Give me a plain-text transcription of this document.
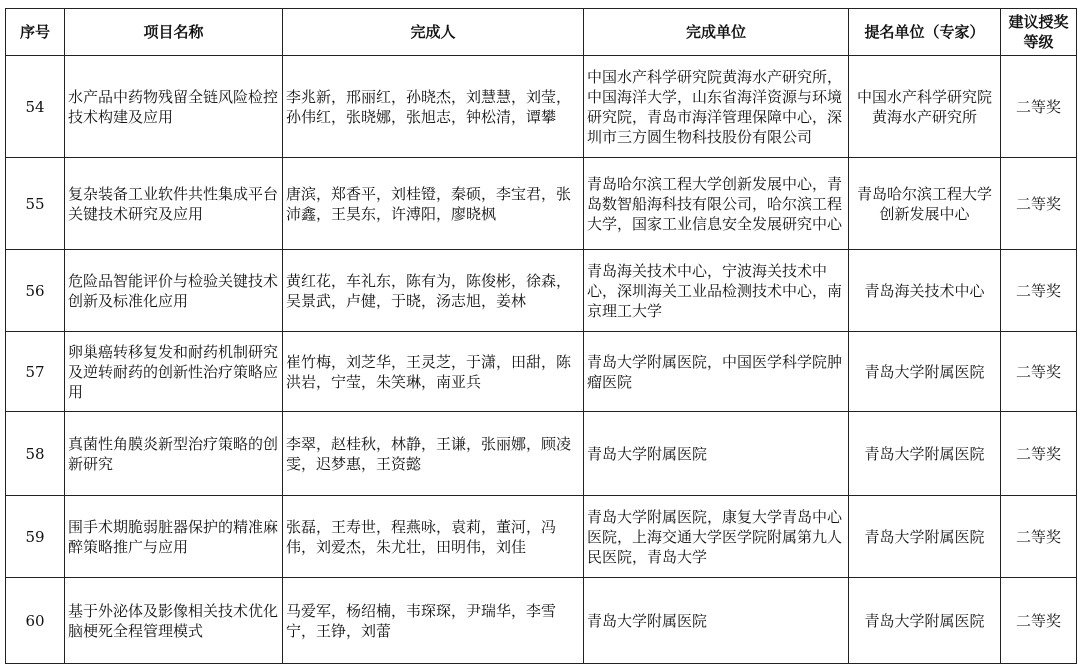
序号	项目名称	完成人	完成单位	提名单位（专家）	建议授奖等级
54	水产品中药物残留全链风险检控技术构建及应用	李兆新，邢丽红，孙晓杰，刘慧慧，刘莹，孙伟红，张晓娜，张旭志，钟松清，谭攀	中国水产科学研究院黄海水产研究所，中国海洋大学，山东省海洋资源与环境研究院，青岛市海洋管理保障中心，深圳市三方圆生物科技股份有限公司	中国水产科学研究院黄海水产研究所	二等奖
55	复杂装备工业软件共性集成平台关键技术研究及应用	唐滨，郑香平，刘桂镫，秦硕，李宝君，张沛鑫，王昊东，许溥阳，廖晓枫	青岛哈尔滨工程大学创新发展中心，青岛数智船海科技有限公司，哈尔滨工程大学，国家工业信息安全发展研究中心	青岛哈尔滨工程大学创新发展中心	二等奖
56	危险品智能评价与检验关键技术创新及标准化应用	黄红花，车礼东，陈有为，陈俊彬，徐森，吴景武，卢健，于晓，汤志旭，姜林	青岛海关技术中心，宁波海关技术中心，深圳海关工业品检测技术中心，南京理工大学	青岛海关技术中心	二等奖
57	卵巢癌转移复发和耐药机制研究及逆转耐药的创新性治疗策略应用	崔竹梅，刘芝华，王灵芝，于潇，田甜，陈洪岩，宁莹，朱笑琳，南亚兵	青岛大学附属医院，中国医学科学院肿瘤医院	青岛大学附属医院	二等奖
58	真菌性角膜炎新型治疗策略的创新研究	李翠，赵桂秋，林静，王谦，张丽娜，顾凌雯，迟梦惠，王资懿	青岛大学附属医院	青岛大学附属医院	二等奖
59	围手术期脆弱脏器保护的精准麻醉策略推广与应用	张磊，王寿世，程燕咏，袁莉，董河，冯伟，刘爱杰，朱尤壮，田明伟，刘佳	青岛大学附属医院，康复大学青岛中心医院，上海交通大学医学院附属第九人民医院，青岛大学	青岛大学附属医院	二等奖
60	基于外泌体及影像相关技术优化脑梗死全程管理模式	马爱军，杨绍楠，韦琛琛，尹瑞华，李雪宁，王铮，刘蕾	青岛大学附属医院	青岛大学附属医院	二等奖
